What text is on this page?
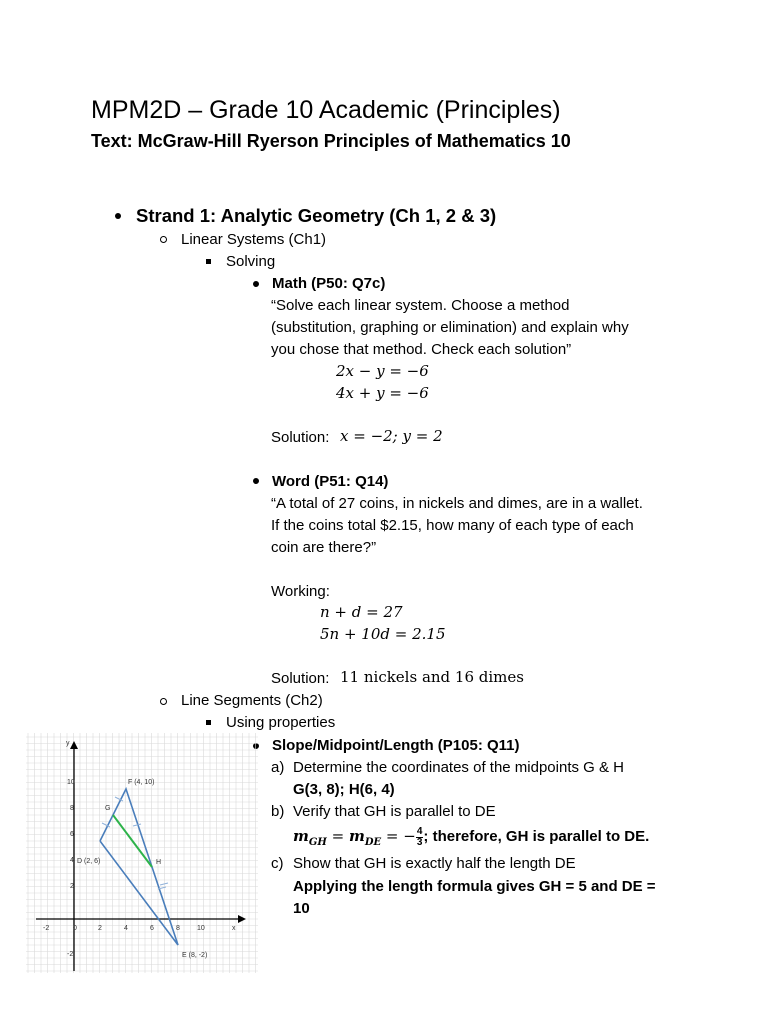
MPM2D – Grade 10 Academic (Principles)
Text: McGraw-Hill Ryerson Principles of Mathematics 10
Strand 1: Analytic Geometry (Ch 1, 2 & 3)
Linear Systems (Ch1)
Solving
Math (P50: Q7c)
“Solve each linear system. Choose a method
(substitution, graphing or elimination) and explain why
you chose that method. Check each solution”
2x − y = −6
4x + y = −6
Solution: x = −2; y = 2
Word (P51: Q14)
“A total of 27 coins, in nickels and dimes, are in a wallet.
If the coins total $2.15, how many of each type of each
coin are there?”
Working:
n + d = 27
5n + 10d = 2.15
Solution: 11 nickels and 16 dimes
Line Segments (Ch2)
Using properties
Slope/Midpoint/Length (P105: Q11)
a) Determine the coordinates of the midpoints G & H
G(3, 8); H(6, 4)
b) Verify that GH is parallel to DE
$m_{GH} = m_{DE}$ = − $\frac{4}{3}$ ; therefore, GH is parallel to DE.
c) Show that GH is exactly half the length DE
Applying the length formula gives GH = 5 and DE =
10
x
y
-2	0	2	4	6	8 10
10
8
6
4
2
-2
F (4, 10)
G
D (2, 6)	H
E (8, -2)
